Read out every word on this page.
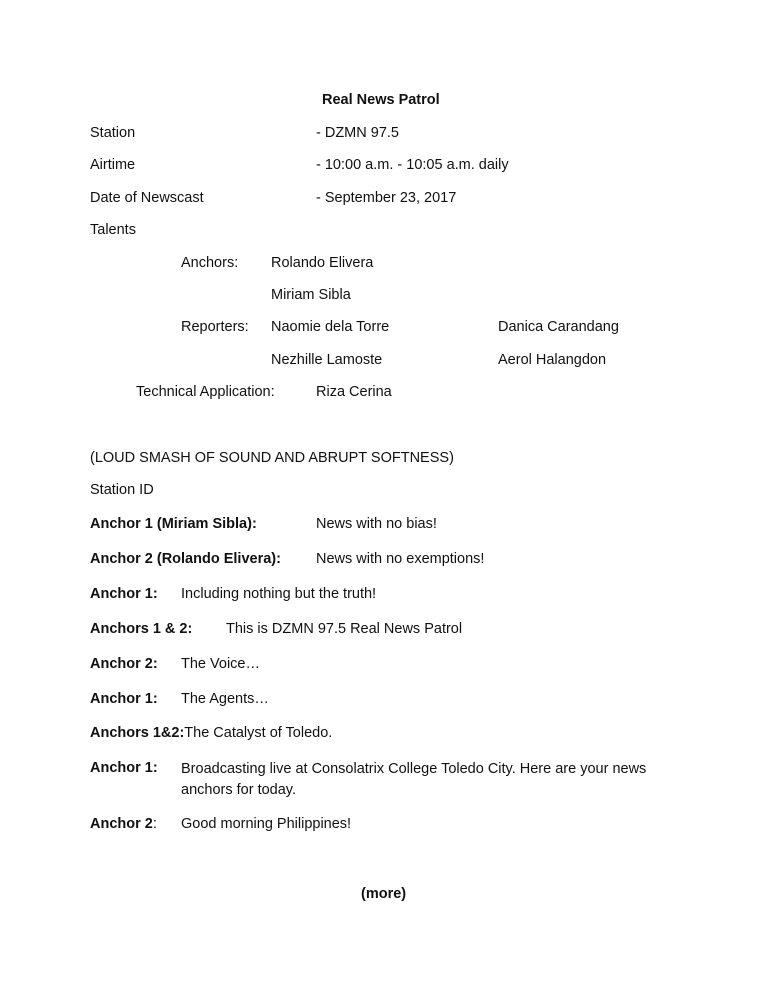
Real News Patrol
Station	- DZMN 97.5
Airtime	- 10:00 a.m. - 10:05 a.m. daily
Date of Newscast	- September 23, 2017
Talents
Anchors: Rolando Elivera
Miriam Sibla
Reporters: Naomie dela Torre	Danica Carandang
Nezhille Lamoste	Aerol Halangdon
Technical Application:	Riza Cerina
(LOUD SMASH OF SOUND AND ABRUPT SOFTNESS)
Station ID
Anchor 1 (Miriam Sibla):	News with no bias!
Anchor 2 (Rolando Elivera): News with no exemptions!
Anchor 1: Including nothing but the truth!
Anchors 1 & 2: This is DZMN 97.5 Real News Patrol
Anchor 2: The Voice…
Anchor 1: The Agents…
Anchors 1&2:The Catalyst of Toledo.
Anchor 1: Broadcasting live at Consolatrix College Toledo City. Here are your news anchors for today.
Anchor 2: Good morning Philippines!
(more)
